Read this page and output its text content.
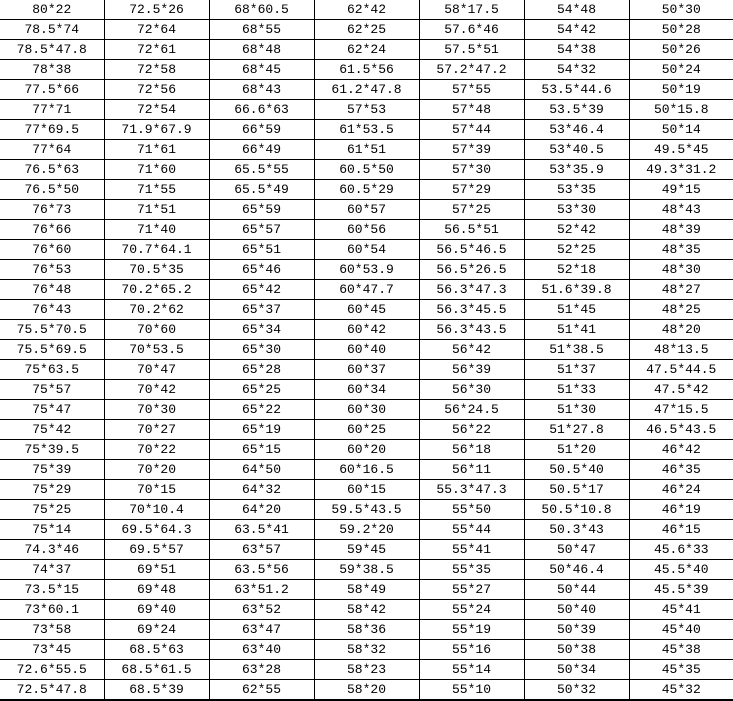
80*22	72.5*26	68*60.5	62*42	58*17.5	54*48	50*30
78.5*74	72*64	68*55	62*25	57.6*46	54*42	50*28
78.5*47.8	72*61	68*48	62*24	57.5*51	54*38	50*26
78*38	72*58	68*45	61.5*56	57.2*47.2	54*32	50*24
77.5*66	72*56	68*43	61.2*47.8	57*55	53.5*44.6	50*19
77*71	72*54	66.6*63	57*53	57*48	53.5*39	50*15.8
77*69.5	71.9*67.9	66*59	61*53.5	57*44	53*46.4	50*14
77*64	71*61	66*49	61*51	57*39	53*40.5	49.5*45
76.5*63	71*60	65.5*55	60.5*50	57*30	53*35.9	49.3*31.2
76.5*50	71*55	65.5*49	60.5*29	57*29	53*35	49*15
76*73	71*51	65*59	60*57	57*25	53*30	48*43
76*66	71*40	65*57	60*56	56.5*51	52*42	48*39
76*60	70.7*64.1	65*51	60*54	56.5*46.5	52*25	48*35
76*53	70.5*35	65*46	60*53.9	56.5*26.5	52*18	48*30
76*48	70.2*65.2	65*42	60*47.7	56.3*47.3	51.6*39.8	48*27
76*43	70.2*62	65*37	60*45	56.3*45.5	51*45	48*25
75.5*70.5	70*60	65*34	60*42	56.3*43.5	51*41	48*20
75.5*69.5	70*53.5	65*30	60*40	56*42	51*38.5	48*13.5
75*63.5	70*47	65*28	60*37	56*39	51*37	47.5*44.5
75*57	70*42	65*25	60*34	56*30	51*33	47.5*42
75*47	70*30	65*22	60*30	56*24.5	51*30	47*15.5
75*42	70*27	65*19	60*25	56*22	51*27.8	46.5*43.5
75*39.5	70*22	65*15	60*20	56*18	51*20	46*42
75*39	70*20	64*50	60*16.5	56*11	50.5*40	46*35
75*29	70*15	64*32	60*15	55.3*47.3	50.5*17	46*24
75*25	70*10.4	64*20	59.5*43.5	55*50	50.5*10.8	46*19
75*14	69.5*64.3	63.5*41	59.2*20	55*44	50.3*43	46*15
74.3*46	69.5*57	63*57	59*45	55*41	50*47	45.6*33
74*37	69*51	63.5*56	59*38.5	55*35	50*46.4	45.5*40
73.5*15	69*48	63*51.2	58*49	55*27	50*44	45.5*39
73*60.1	69*40	63*52	58*42	55*24	50*40	45*41
73*58	69*24	63*47	58*36	55*19	50*39	45*40
73*45	68.5*63	63*40	58*32	55*16	50*38	45*38
72.6*55.5	68.5*61.5	63*28	58*23	55*14	50*34	45*35
72.5*47.8	68.5*39	62*55	58*20	55*10	50*32	45*32
